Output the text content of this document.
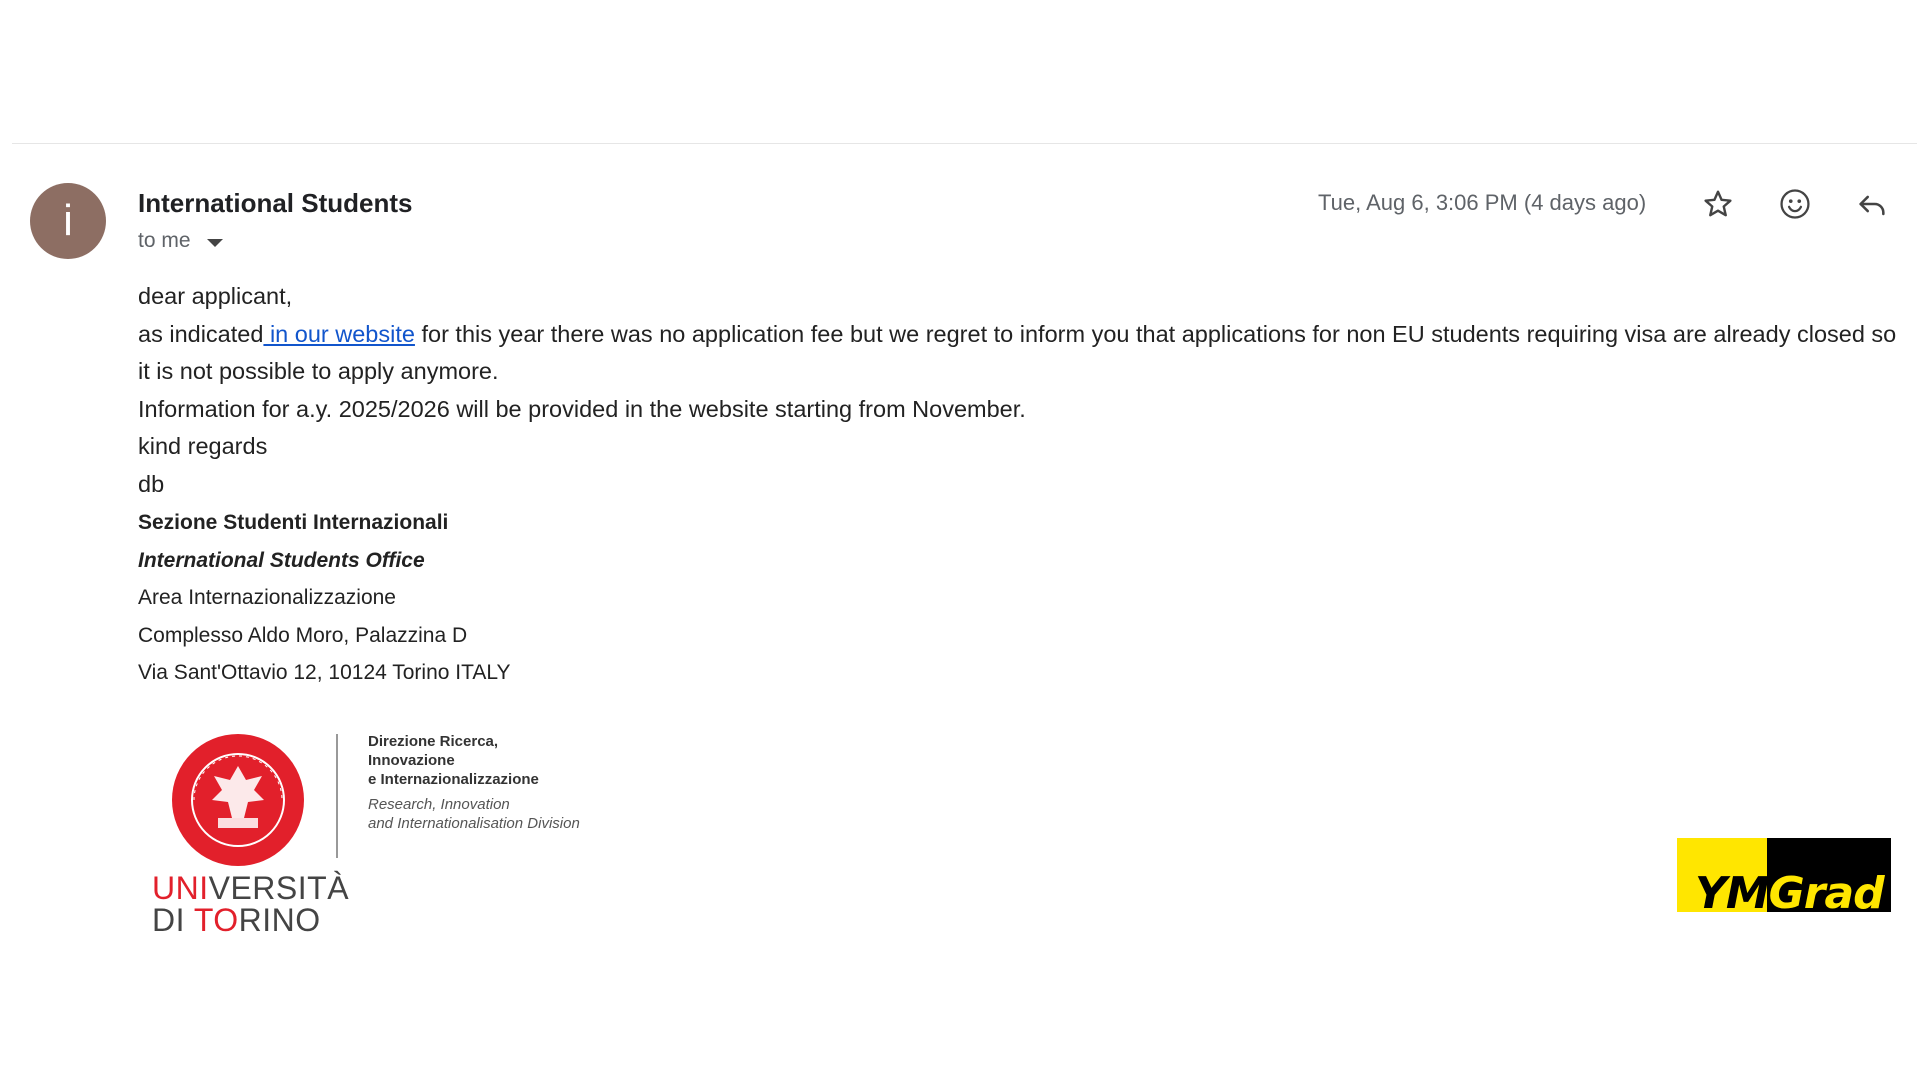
i	International Students
to me
Tue, Aug 6, 3:06 PM (4 days ago)

dear applicant,

as indicated in our website for this year there was no application fee but we regret to inform you that applications for non EU students requiring visa are already closed so it is not possible to apply anymore.

Information for a.y. 2025/2026 will be provided in the website starting from November.

kind regards

db

Sezione Studenti Internazionali
International Students Office
Area Internazionalizzazione
Complesso Aldo Moro, Palazzina D
Via Sant'Ottavio 12, 10124 Torino ITALY
Direzione Ricerca,
Innovazione
e Internazionalizzazione
Research, Innovation
and Internationalisation Division
UNIVERSITÀ
DI TORINO
YMGrad
